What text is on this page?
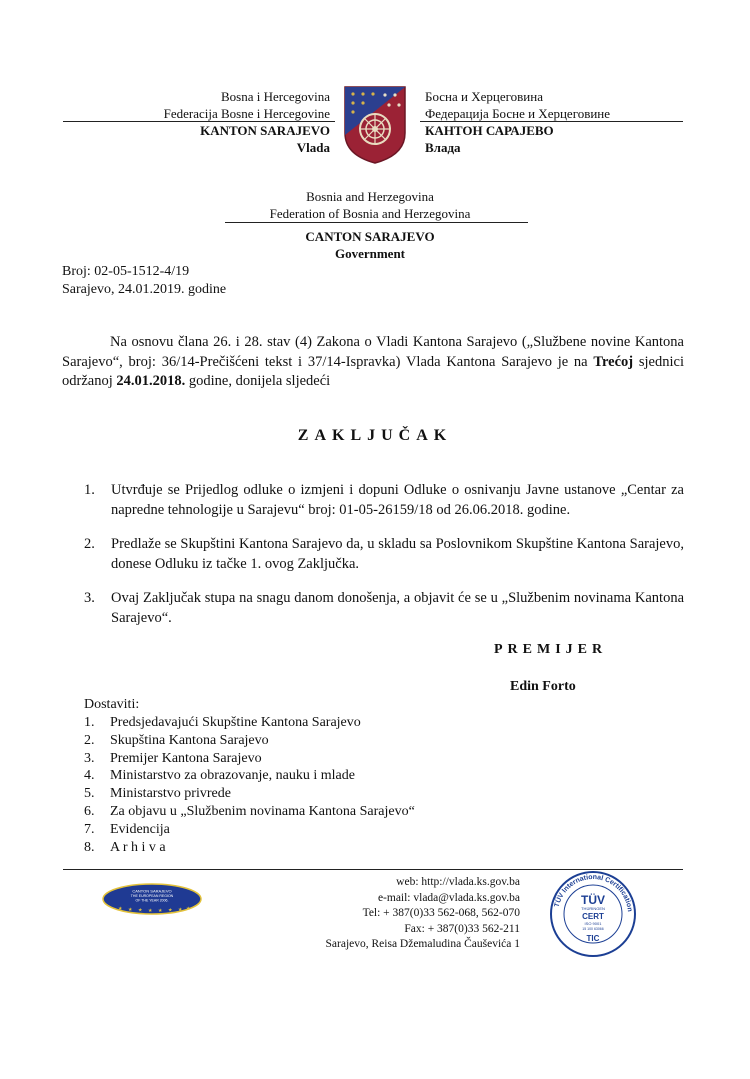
Bosna i Hercegovina
Federacija Bosne i Hercegovine
KANTON SARAJEVO
Vlada
Босна и Херцеговина
Федерација Босне и Херцеговине
КАНТОН САРАЈЕВО
Влада
Bosnia and Herzegovina
Federation of Bosnia and Herzegovina
CANTON SARAJEVO
Government
Broj: 02-05-1512-4/19
Sarajevo, 24.01.2019. godine
Na osnovu člana 26. i 28. stav (4) Zakona o Vladi Kantona Sarajevo („Službene novine Kantona Sarajevo“, broj: 36/14-Prečišćeni tekst i 37/14-Ispravka) Vlada Kantona Sarajevo je na Trećoj sjednici održanoj 24.01.2018. godine, donijela sljedeći
ZAKLJUČAK
1.	Utvrđuje se Prijedlog odluke o izmjeni i dopuni Odluke o osnivanju Javne ustanove „Centar za napredne tehnologije u Sarajevu“ broj: 01-05-26159/18 od 26.06.2018. godine.
2.	Predlaže se Skupštini Kantona Sarajevo da, u skladu sa Poslovnikom Skupštine Kantona Sarajevo, donese Odluku iz tačke 1. ovog Zaključka.
3.	Ovaj Zaključak stupa na snagu danom donošenja, a objavit će se u „Službenim novinama Kantona Sarajevo“.
PREMIJER
Edin Forto
Dostaviti:
1. Predsjedavajući Skupštine Kantona Sarajevo
2. Skupština Kantona Sarajevo
3. Premijer Kantona Sarajevo
4. Ministarstvo za obrazovanje, nauku i mlade
5. Ministarstvo privrede
6. Za objavu u „Službenim novinama Kantona Sarajevo“
7. Evidencija
8. A r h i v a
CANTON SARAJEVO
THE EUROPEAN REGION
OF THE YEAR 2006.
★ ★ ★ ★ ★ ★ ★ ★
web: http://vlada.ks.gov.ba
e-mail: vlada@vlada.ks.gov.ba
Tel: + 387(0)33 562-068, 562-070
Fax: + 387(0)33 562-211
Sarajevo, Reisa Džemaludina Čauševića 1
TÜV International Certification
TÜV
THÜRINGEN
CERT
ISO 9001
15 100 63066
TIC
